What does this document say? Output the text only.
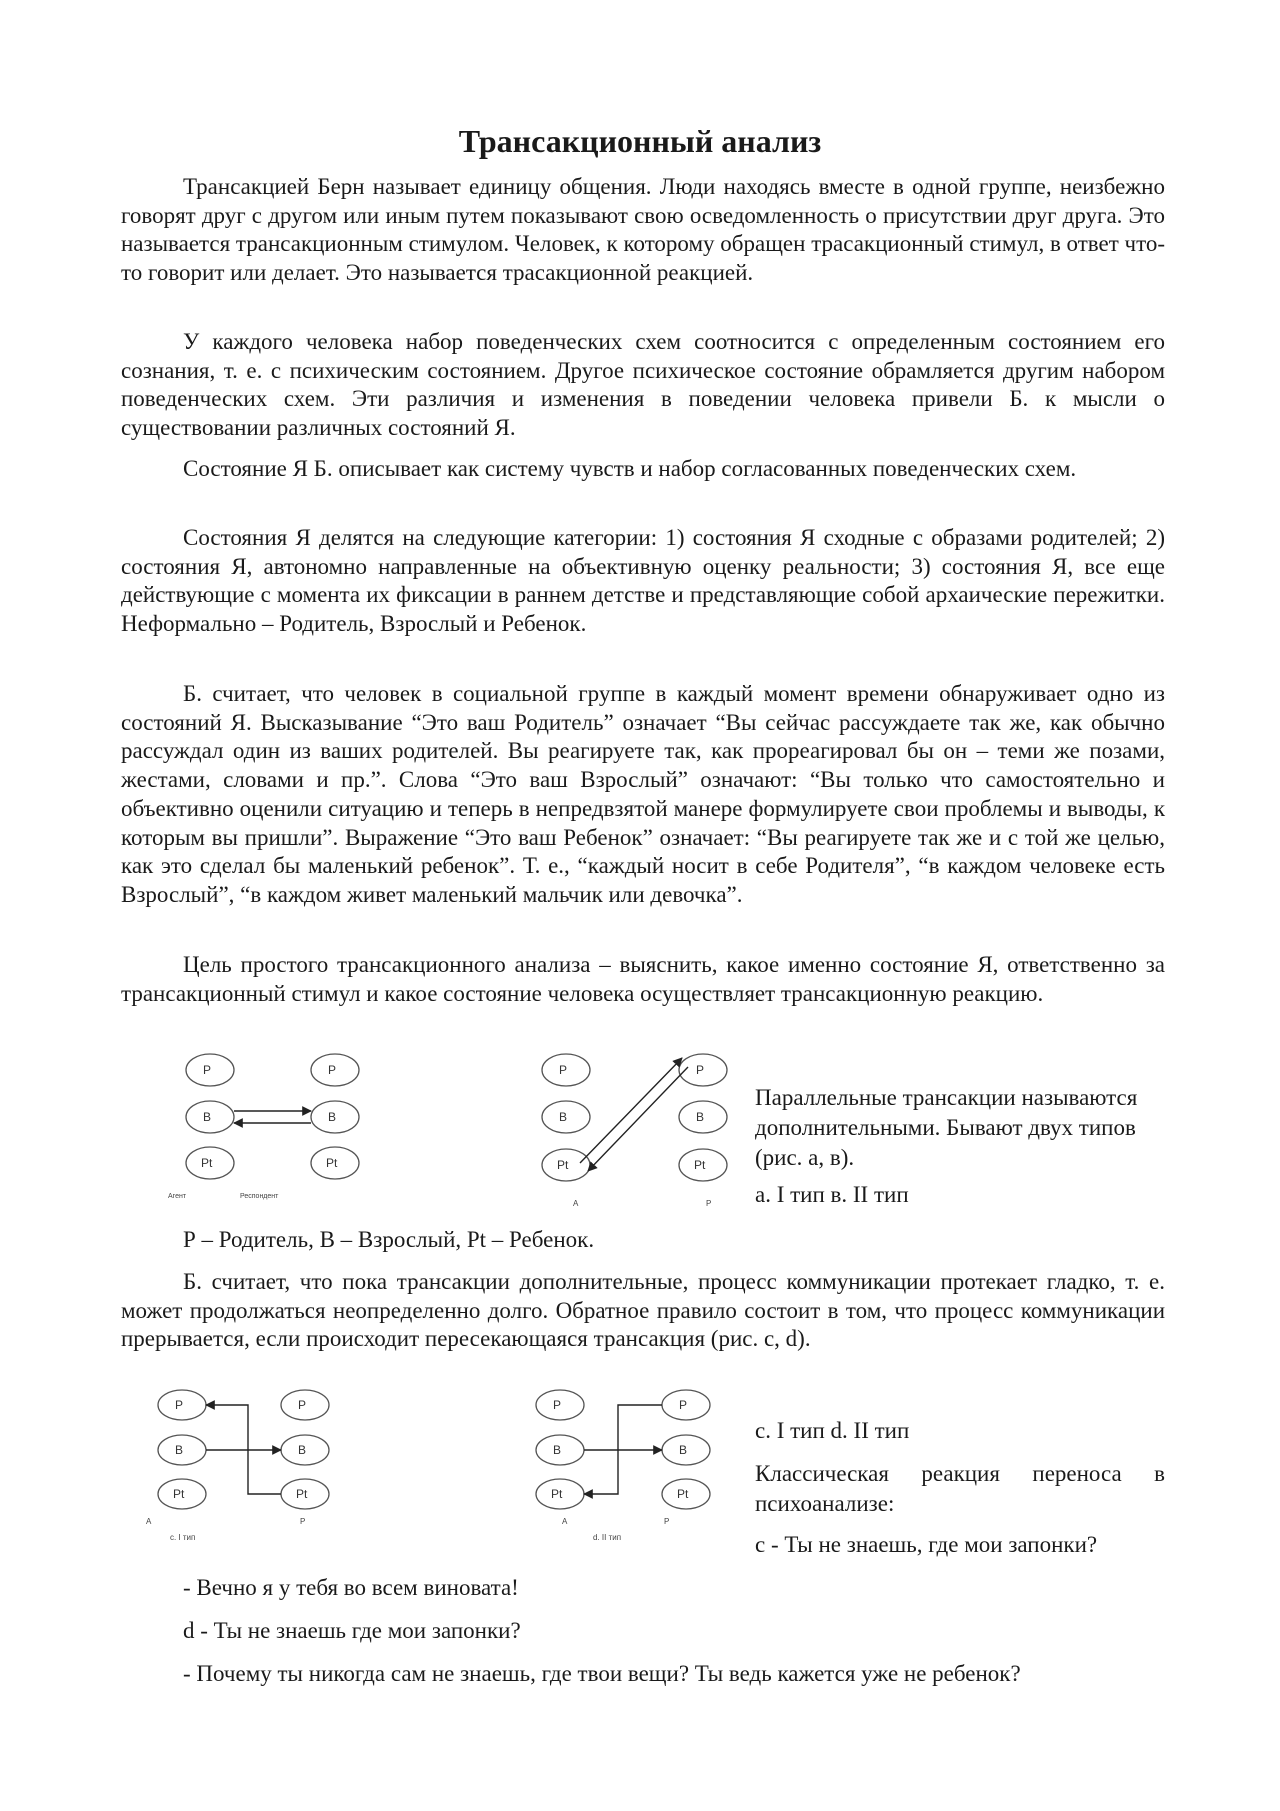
Трансакционный анализ

Трансакцией Берн называет единицу общения. Люди находясь вместе в одной группе, неизбежно говорят друг с другом или иным путем показывают свою осведомленность о присутствии друг друга. Это называется трансакционным стимулом. Человек, к которому обращен трасакционный стимул, в ответ что-то говорит или делает. Это называется трасакционной реакцией.

У каждого человека набор поведенческих схем соотносится с определенным состоянием его сознания, т. е. с психическим состоянием. Другое психическое состояние обрамляется другим набором поведенческих схем. Эти различия и изменения в поведении человека привели Б. к мысли о существовании различных состояний Я.

Состояние Я Б. описывает как систему чувств и набор согласованных поведенческих схем.

Состояния Я делятся на следующие категории: 1) состояния Я сходные с образами родителей; 2) состояния Я, автономно направленные на объективную оценку реальности; 3) состояния Я, все еще действующие с момента их фиксации в раннем детстве и представляющие собой архаические пережитки. Неформально – Родитель, Взрослый и Ребенок.

Б. считает, что человек в социальной группе в каждый момент времени обнаруживает одно из состояний Я. Высказывание “Это ваш Родитель” означает “Вы сейчас рассуждаете так же, как обычно рассуждал один из ваших родителей. Вы реагируете так, как прореагировал бы он – теми же позами, жестами, словами и пр.”. Слова “Это ваш Взрослый” означают: “Вы только что самостоятельно и объективно оценили ситуацию и теперь в непредвзятой манере формулируете свои проблемы и выводы, к которым вы пришли”. Выражение “Это ваш Ребенок” означает: “Вы реагируете так же и с той же целью, как это сделал бы маленький ребенок”. Т. е., “каждый носит в себе Родителя”, “в каждом человеке есть Взрослый”, “в каждом живет маленький мальчик или девочка”.

Цель простого трансакционного анализа – выяснить, какое именно состояние Я, ответственно за трансакционный стимул и какое состояние человека осуществляет трансакционную реакцию.

P	P
B	B
Pt	Pt
Агент	Респондент
P	P
B	B
Pt	Pt
A	P

Параллельные трансакции называются дополнительными. Бывают двух типов (рис. а, в).

а. I тип в. II тип
Р – Родитель, В – Взрослый, Рt – Ребенок.

Б. считает, что пока трансакции дополнительные, процесс коммуникации протекает гладко, т. е. может продолжаться неопределенно долго. Обратное правило состоит в том, что процесс коммуникации прерывается, если происходит пересекающаяся трансакция (рис. с, d).

P	P
B	B
Pt	Pt
A	P
с. I тип
P	P
B	B
Pt	Pt
A	P
d. II тип
с. I тип d. II тип

Классическая реакция переноса в психоанализе:

с - Ты не знаешь, где мои запонки?
- Вечно я у тебя во всем виновата!
d - Ты не знаешь где мои запонки?
- Почему ты никогда сам не знаешь, где твои вещи? Ты ведь кажется уже не ребенок?
